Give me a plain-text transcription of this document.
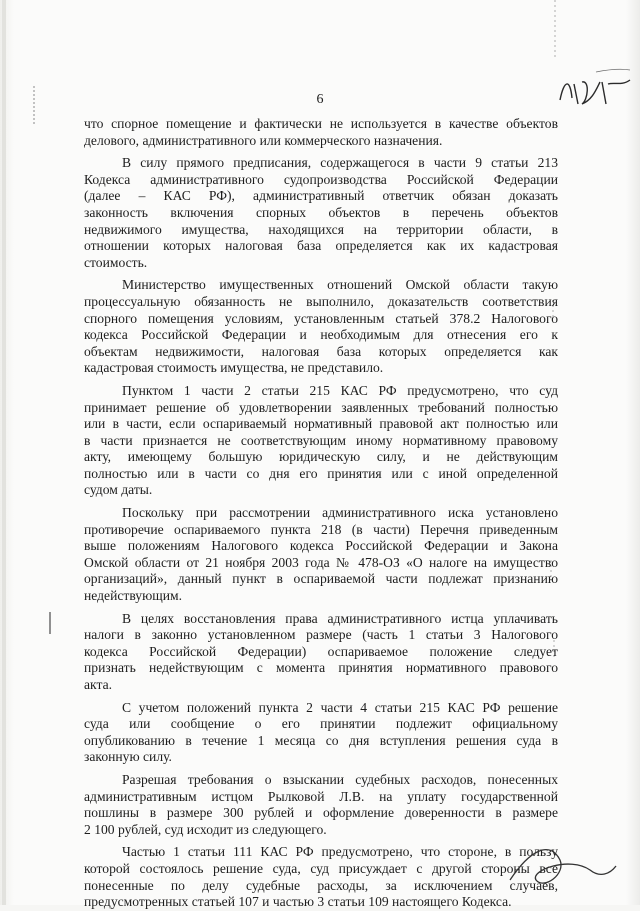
6
что спорное помещение и фактически не используется в качестве объектов
делового, административного или коммерческого назначения.
В силу прямого предписания, содержащегося в части 9 статьи 213
Кодекса административного судопроизводства Российской Федерации
(далее – КАС РФ), административный ответчик обязан доказать
законность включения спорных объектов в перечень объектов
недвижимого имущества, находящихся на территории области, в
отношении которых налоговая база определяется как их кадастровая
стоимость.
Министерство имущественных отношений Омской области такую
процессуальную обязанность не выполнило, доказательств соответствия
спорного помещения условиям, установленным статьей 378.2 Налогового
кодекса Российской Федерации и необходимым для отнесения его к
объектам недвижимости, налоговая база которых определяется как
кадастровая стоимость имущества, не представило.
Пунктом 1 части 2 статьи 215 КАС РФ предусмотрено, что суд
принимает решение об удовлетворении заявленных требований полностью
или в части, если оспариваемый нормативный правовой акт полностью или
в части признается не соответствующим иному нормативному правовому
акту, имеющему большую юридическую силу, и не действующим
полностью или в части со дня его принятия или с иной определенной
судом даты.
Поскольку при рассмотрении административного иска установлено
противоречие оспариваемого пункта 218 (в части) Перечня приведенным
выше положениям Налогового кодекса Российской Федерации и Закона
Омской области от 21 ноября 2003 года № 478-ОЗ «О налоге на имущество
организаций», данный пункт в оспариваемой части подлежат признанию
недействующим.
В целях восстановления права административного истца уплачивать
налоги в законно установленном размере (часть 1 статьи 3 Налогового
кодекса Российской Федерации) оспариваемое положение следует
признать недействующим с момента принятия нормативного правового
акта.
С учетом положений пункта 2 части 4 статьи 215 КАС РФ решение
суда или сообщение о его принятии подлежит официальному
опубликованию в течение 1 месяца со дня вступления решения суда в
законную силу.
Разрешая требования о взыскании судебных расходов, понесенных
административным истцом Рылковой Л.В. на уплату государственной
пошлины в размере 300 рублей и оформление доверенности в размере
2 100 рублей, суд исходит из следующего.
Частью 1 статьи 111 КАС РФ предусмотрено, что стороне, в пользу
которой состоялось решение суда, суд присуждает с другой стороны все
понесенные по делу судебные расходы, за исключением случаев,
предусмотренных статьей 107 и частью 3 статьи 109 настоящего Кодекса.
